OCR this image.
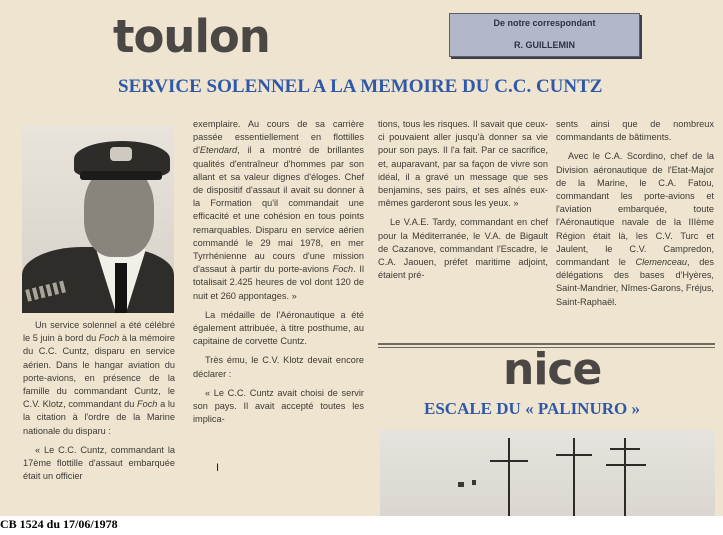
toulon	De notre correspondant
R. GUILLEMIN
SERVICE SOLENNEL A LA MEMOIRE DU C.C. CUNTZ

Un service solennel a été célébré le 5 juin à bord du Foch à la mémoire du C.C. Cuntz, disparu en service aérien. Dans le hangar aviation du porte-avions, en présence de la famille du commandant Cuntz, le C.V. Klotz, commandant du Foch a lu la citation à l'ordre de la Marine nationale du disparu :

« Le C.C. Cuntz, commandant la 17ème flottille d'assaut embarquée était un officier

exemplaire. Au cours de sa carrière passée essentiellement en flottilles d'Etendard, il a montré de brillantes qualités d'entraîneur d'hommes par son allant et sa valeur dignes d'éloges. Chef de dispositif d'assaut il avait su donner à la Formation qu'il commandait une efficacité et une cohésion en tous points remarquables. Disparu en service aérien commandé le 29 mai 1978, en mer Tyrrhénienne au cours d'une mission d'assaut à partir du porte-avions Foch. Il totalisait 2.425 heures de vol dont 120 de nuit et 260 appontages. »

La médaille de l'Aéronautique a été également attribuée, à titre posthume, au capitaine de corvette Cuntz.

Très ému, le C.V. Klotz devait encore déclarer :

« Le C.C. Cuntz avait choisi de servir son pays. Il avait accepté toutes les implica-

tions, tous les risques. Il savait que ceux-ci pouvaient aller jusqu'à donner sa vie pour son pays. Il l'a fait. Par ce sacrifice, et, auparavant, par sa façon de vivre son idéal, il a gravé un message que ses benjamins, ses pairs, et ses aînés eux-mêmes garderont sous les yeux. »

Le V.A.E. Tardy, commandant en chef pour la Méditerranée, le V.A. de Bigault de Cazanove, commandant l'Escadre, le C.A. Jaouen, préfet maritime adjoint, étaient pré-

sents ainsi que de nombreux commandants de bâtiments.

Avec le C.A. Scordino, chef de la Division aéronautique de l'Etat-Major de la Marine, le C.A. Fatou, commandant les porte-avions et l'aviation embarquée, toute l'Aéronautique navale de la IIIème Région était là, les C.V. Turc et Jaulent, le C.V. Campredon, commandant le Clemenceau, des délégations des bases d'Hyères, Saint-Mandrier, Nîmes-Garons, Fréjus, Saint-Raphaël.

nice
ESCALE DU « PALINURO »
I
CB 1524 du 17/06/1978
